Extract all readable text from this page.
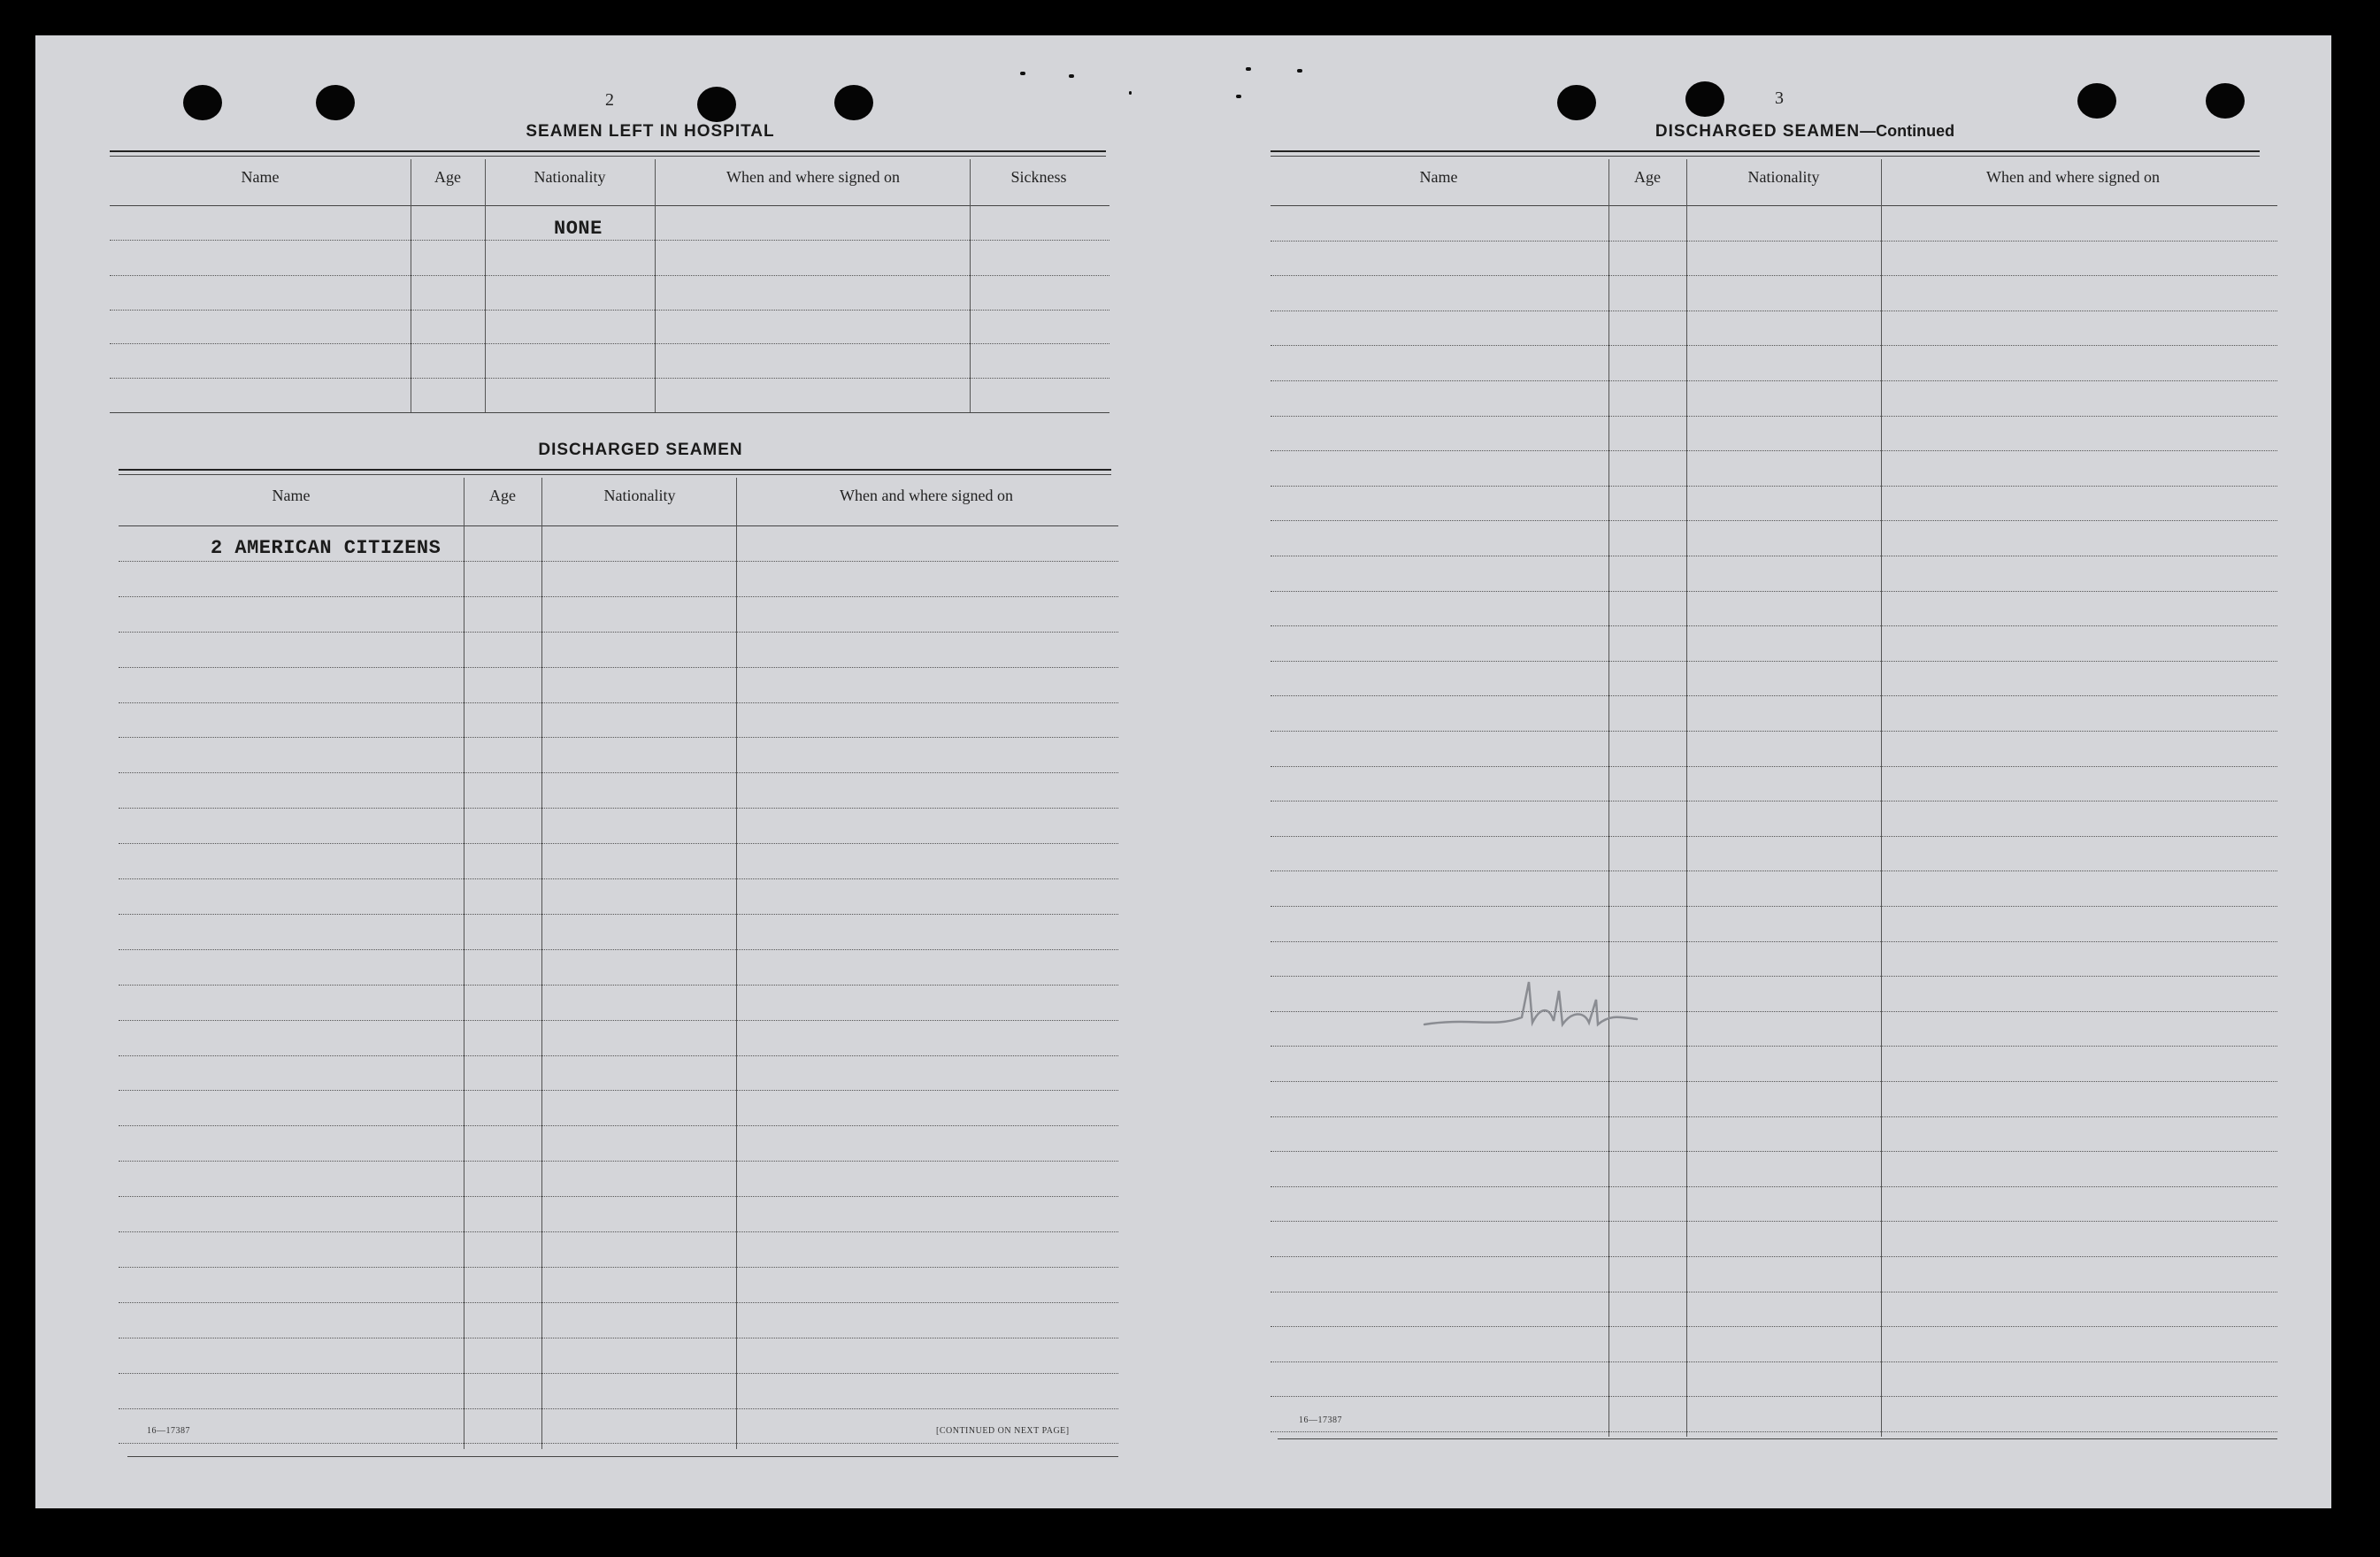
2
SEAMEN LEFT IN HOSPITAL
Name	Age	Nationality	When and where signed on	Sickness
NONE
DISCHARGED SEAMEN
Name	Age	Nationality	When and where signed on
2 AMERICAN CITIZENS
16—17387	[CONTINUED ON NEXT PAGE]
3
DISCHARGED SEAMEN—Continued
Name	Age	Nationality	When and where signed on
16—17387
